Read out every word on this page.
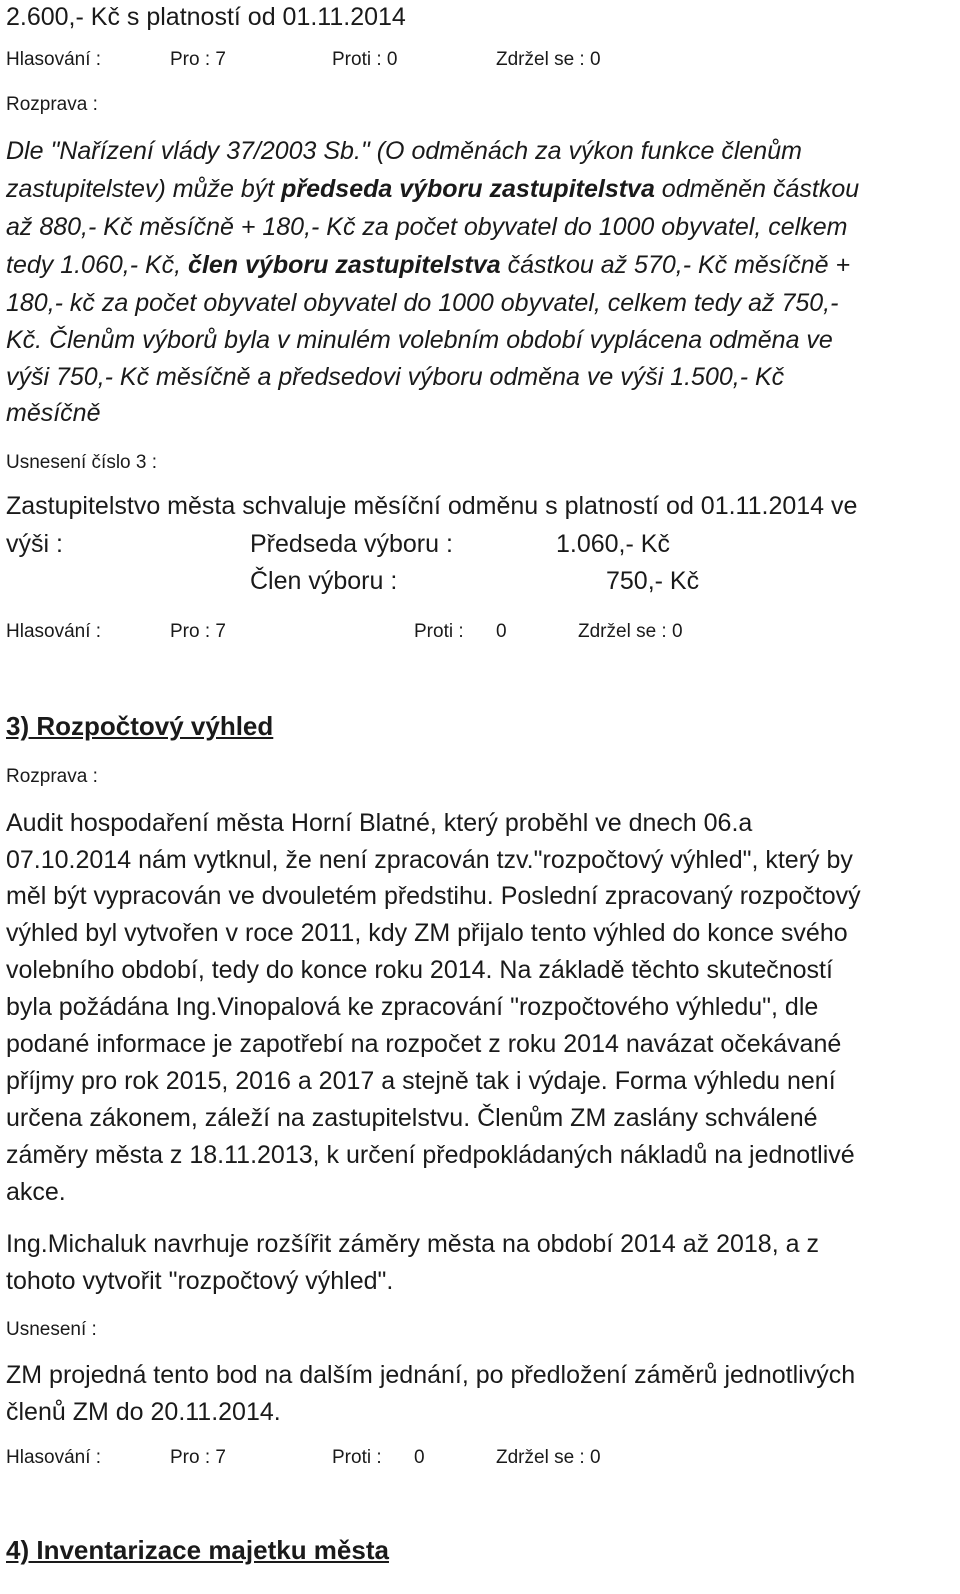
2.600,- Kč s platností od 01.11.2014
Hlasování :	Pro : 7	Proti : 0	Zdržel se : 0
Rozprava :
Dle "Nařízení vlády 37/2003 Sb." (O odměnách za výkon funkce členům
zastupitelstev) může být předseda výboru zastupitelstva odměněn částkou
až 880,- Kč měsíčně + 180,- Kč za počet obyvatel do 1000 obyvatel, celkem
tedy 1.060,- Kč, člen výboru zastupitelstva částkou až 570,- Kč měsíčně +
180,- kč za počet obyvatel obyvatel do 1000 obyvatel, celkem tedy až 750,-
Kč. Členům výborů byla v minulém volebním období vyplácena odměna ve
výši 750,- Kč měsíčně a předsedovi výboru odměna ve výši 1.500,- Kč
měsíčně
Usnesení číslo 3 :
Zastupitelstvo města schvaluje měsíční odměnu s platností od 01.11.2014 ve
výši :	Předseda výboru :	1.060,- Kč
Člen výboru :	750,- Kč
Hlasování :	Pro : 7	Proti : 0	Zdržel se : 0
3) Rozpočtový výhled
Rozprava :
Audit hospodaření města Horní Blatné, který proběhl ve dnech 06.a
07.10.2014 nám vytknul, že není zpracován tzv."rozpočtový výhled", který by
měl být vypracován ve dvouletém předstihu. Poslední zpracovaný rozpočtový
výhled byl vytvořen v roce 2011, kdy ZM přijalo tento výhled do konce svého
volebního období, tedy do konce roku 2014. Na základě těchto skutečností
byla požádána Ing.Vinopalová ke zpracování "rozpočtového výhledu", dle
podané informace je zapotřebí na rozpočet z roku 2014 navázat očekávané
příjmy pro rok 2015, 2016 a 2017 a stejně tak i výdaje. Forma výhledu není
určena zákonem, záleží na zastupitelstvu. Členům ZM zaslány schválené
záměry města z 18.11.2013, k určení předpokládaných nákladů na jednotlivé
akce.
Ing.Michaluk navrhuje rozšířit záměry města na období 2014 až 2018, a z
tohoto vytvořit "rozpočtový výhled".
Usnesení :
ZM projedná tento bod na dalším jednání, po předložení záměrů jednotlivých
členů ZM do 20.11.2014.
Hlasování :	Pro : 7	Proti : 0	Zdržel se : 0
4) Inventarizace majetku města
